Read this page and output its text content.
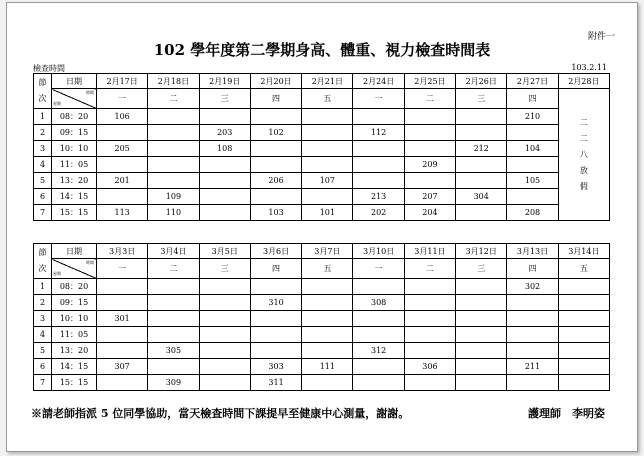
附件一
102 學年度第二學期身高、體重、視力檢查時間表
檢查時間	103.2.11
節
次	日期	2月17日	2月18日	2月19日	2月20日	2月21日	2月24日	2月25日	2月26日	2月27日	2月28日

	時間
星期	一	二	三	四	五	一	二	三	四	二
二
八
放
假

1	08：20	106								210	
2	09：15			203	102		112				
3	10：10	205		108					212	104	
4	11：05							209			
5	13：20	201			206	107				105	
6	14：15		109				213	207	304		
7	15：15	113	110		103	101	202	204		208	
節
次	日期	3月3日	3月4日	3月5日	3月6日	3月7日	3月10日	3月11日	3月12日	3月13日	3月14日

	時間
星期	一	二	三	四	五	一	二	三	四	五
1	08：20									302	
2	09：15				310		308				
3	10：10	301									
4	11：05										
5	13：20		305				312				
6	14：15	307			303	111		306		211	
7	15：15		309		311						
※請老師指派 5 位同學協助，當天檢查時間下課提早至健康中心測量，謝謝。	護理師　李明姿
